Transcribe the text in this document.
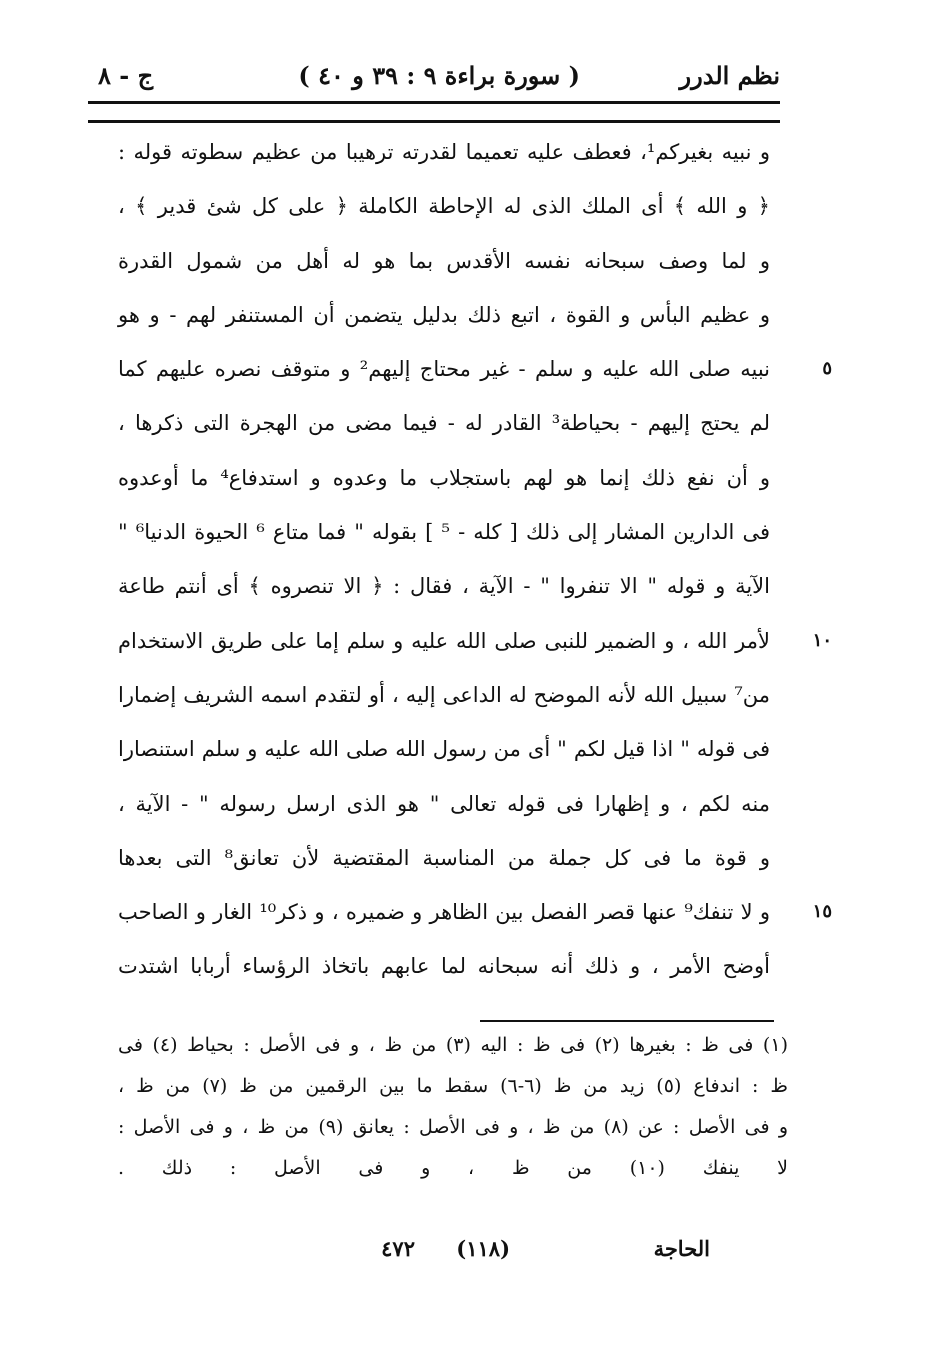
نظم الدرر
( سورة براءة ٩ : ٣٩ و ٤٠ )
ج - ٨
و نبيه بغيركم¹، فعطف عليه تعميما لقدرته ترهيبا من عظيم سطوته قوله :
﴿ و الله ﴾ أى الملك الذى له الإحاطة الكاملة ﴿ على كل شئ قدير ﴾ ،
و لما وصف سبحانه نفسه الأقدس بما هو له أهل من شمول القدرة
و عظيم البأس و القوة ، اتبع ذلك بدليل يتضمن أن المستنفر لهم - و هو
٥
نبيه صلى الله عليه و سلم - غير محتاج إليهم² و متوقف نصره عليهم كما
لم يحتج إليهم - بحياطة³ القادر له - فيما مضى من الهجرة التى ذكرها ،
و أن نفع ذلك إنما هو لهم باستجلاب ما وعدوه و استدفاع⁴ ما أوعدوه
فى الدارين المشار إلى ذلك [ كله - ⁵ ] بقوله " فما متاع ⁶ الحيوة الدنيا⁶ "
الآية و قوله " الا تنفروا " - الآية ، فقال : ﴿ الا تنصروه ﴾ أى أنتم طاعة
١٠
لأمر الله ، و الضمير للنبى صلى الله عليه و سلم إما على طريق الاستخدام
من⁷ سبيل الله لأنه الموضح له الداعى إليه ، أو لتقدم اسمه الشريف إضمارا
فى قوله " اذا قيل لكم " أى من رسول الله صلى الله عليه و سلم استنصارا
منه لكم ، و إظهارا فى قوله تعالى " هو الذى ارسل رسوله " - الآية ،
و قوة ما فى كل جملة من المناسبة المقتضية لأن تعانق⁸ التى بعدها
١٥
و لا تنفك⁹ عنها قصر الفصل بين الظاهر و ضميره ، و ذكر¹⁰ الغار و الصاحب
أوضح الأمر ، و ذلك أنه سبحانه لما عابهم باتخاذ الرؤساء أربابا اشتدت
(١) فى ظ : بغيرها (٢) فى ظ : اليه (٣) من ظ ، و فى الأصل : بحياط (٤) فى
ظ : اندفاع (٥) زيد من ظ (٦-٦) سقط ما بين الرقمين من ظ (٧) من ظ ،
و فى الأصل : عن (٨) من ظ ، و فى الأصل : يعانق (٩) من ظ ، و فى الأصل :
لا ينفك (١٠) من ظ ، و فى الأصل : ذلك .
الحاجة
(١١٨)
٤٧٢
